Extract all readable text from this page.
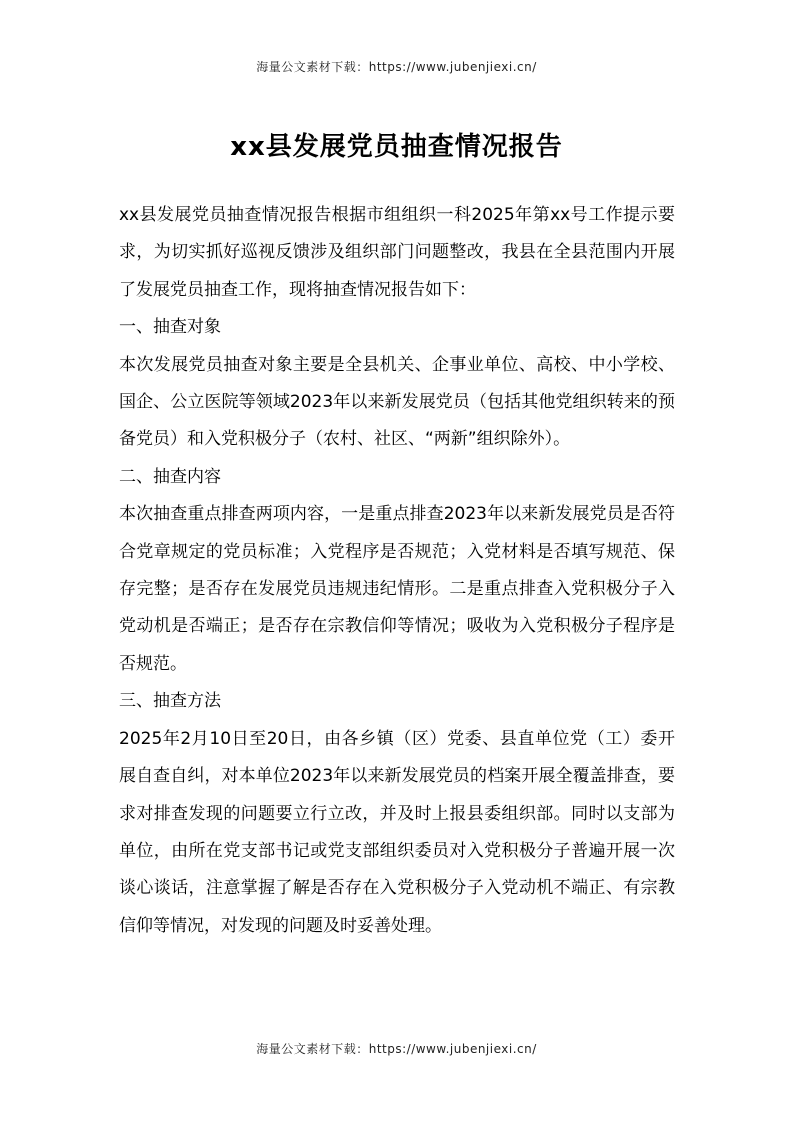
海量公文素材下载：https://www.jubenjiexi.cn/
xx县发展党员抽查情况报告

xx县发展党员抽查情况报告根据市组组织一科2025年第xx号工作提示要求，为切实抓好巡视反馈涉及组织部门问题整改，我县在全县范围内开展了发展党员抽查工作，现将抽查情况报告如下：

一、抽查对象

本次发展党员抽查对象主要是全县机关、企事业单位、高校、中小学校、国企、公立医院等领域2023年以来新发展党员（包括其他党组织转来的预备党员）和入党积极分子（农村、社区、“两新”组织除外）。

二、抽查内容

本次抽查重点排查两项内容，一是重点排查2023年以来新发展党员是否符合党章规定的党员标准；入党程序是否规范；入党材料是否填写规范、保存完整；是否存在发展党员违规违纪情形。二是重点排查入党积极分子入党动机是否端正；是否存在宗教信仰等情况；吸收为入党积极分子程序是否规范。

三、抽查方法

2025年2月10日至20日，由各乡镇（区）党委、县直单位党（工）委开展自查自纠，对本单位2023年以来新发展党员的档案开展全覆盖排查，要求对排查发现的问题要立行立改，并及时上报县委组织部。同时以支部为单位，由所在党支部书记或党支部组织委员对入党积极分子普遍开展一次谈心谈话，注意掌握了解是否存在入党积极分子入党动机不端正、有宗教信仰等情况，对发现的问题及时妥善处理。

海量公文素材下载：https://www.jubenjiexi.cn/
